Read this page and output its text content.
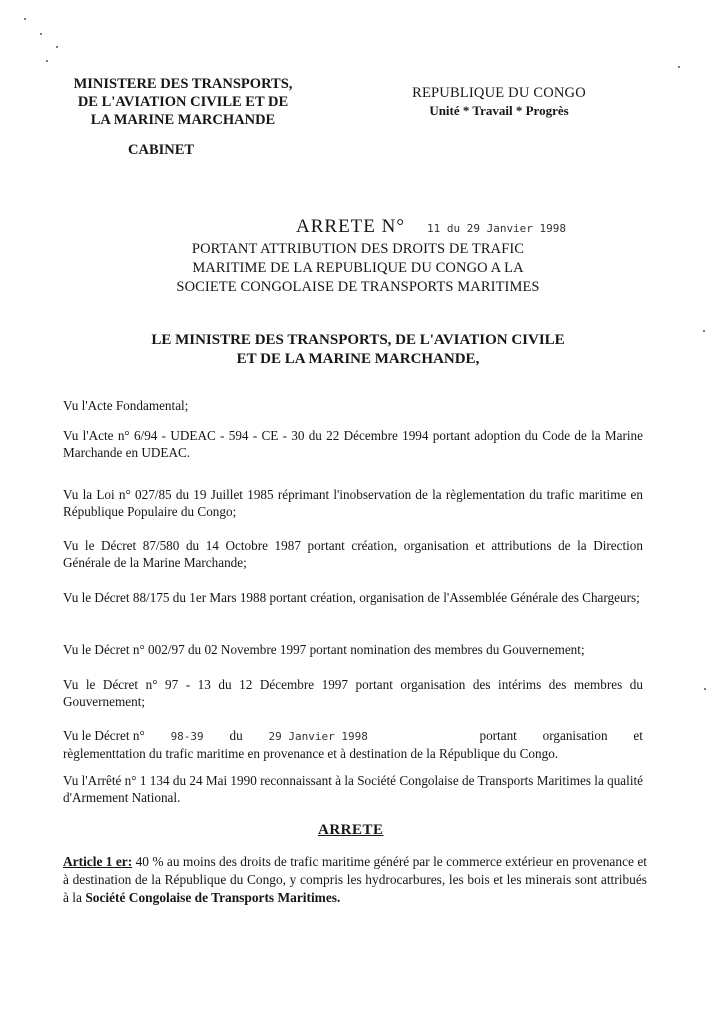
MINISTERE DES TRANSPORTS,
DE L'AVIATION CIVILE ET DE
LA MARINE MARCHANDE
CABINET
REPUBLIQUE DU CONGO
Unité * Travail * Progrès
ARRETE N° 11 du 29 Janvier 1998
PORTANT ATTRIBUTION DES DROITS DE TRAFIC
MARITIME DE LA REPUBLIQUE DU CONGO A LA
SOCIETE CONGOLAISE DE TRANSPORTS MARITIMES
LE MINISTRE DES TRANSPORTS, DE L'AVIATION CIVILE
ET DE LA MARINE MARCHANDE,
Vu l'Acte Fondamental;
Vu l'Acte n° 6/94 - UDEAC - 594 - CE - 30 du 22 Décembre 1994 portant adoption du Code de la Marine Marchande en UDEAC.
Vu la Loi n° 027/85 du 19 Juillet 1985 réprimant l'inobservation de la règlementation du trafic maritime en République Populaire du Congo;
Vu le Décret 87/580 du 14 Octobre 1987 portant création, organisation et attributions de la Direction Générale de la Marine Marchande;
Vu le Décret 88/175 du 1er Mars 1988 portant création, organisation de l'Assemblée Générale des Chargeurs;
Vu le Décret n° 002/97 du 02 Novembre 1997 portant nomination des membres du Gouvernement;
Vu le Décret n° 97 - 13 du 12 Décembre 1997 portant organisation des intérims des membres du Gouvernement;
Vu le Décret n° 98-39 du 29 Janvier 1998	portant organisation et
règlementtation du trafic maritime en provenance et à destination de la République du Congo.
Vu l'Arrêté n° 1 134 du 24 Mai 1990 reconnaissant à la Société Congolaise de Transports Maritimes la qualité d'Armement National.
ARRETE
Article 1 er: 40 % au moins des droits de trafic maritime généré par le commerce extérieur en provenance et à destination de la République du Congo, y compris les hydrocarbures, les bois et les minerais sont attribués à la Société Congolaise de Transports Maritimes.
